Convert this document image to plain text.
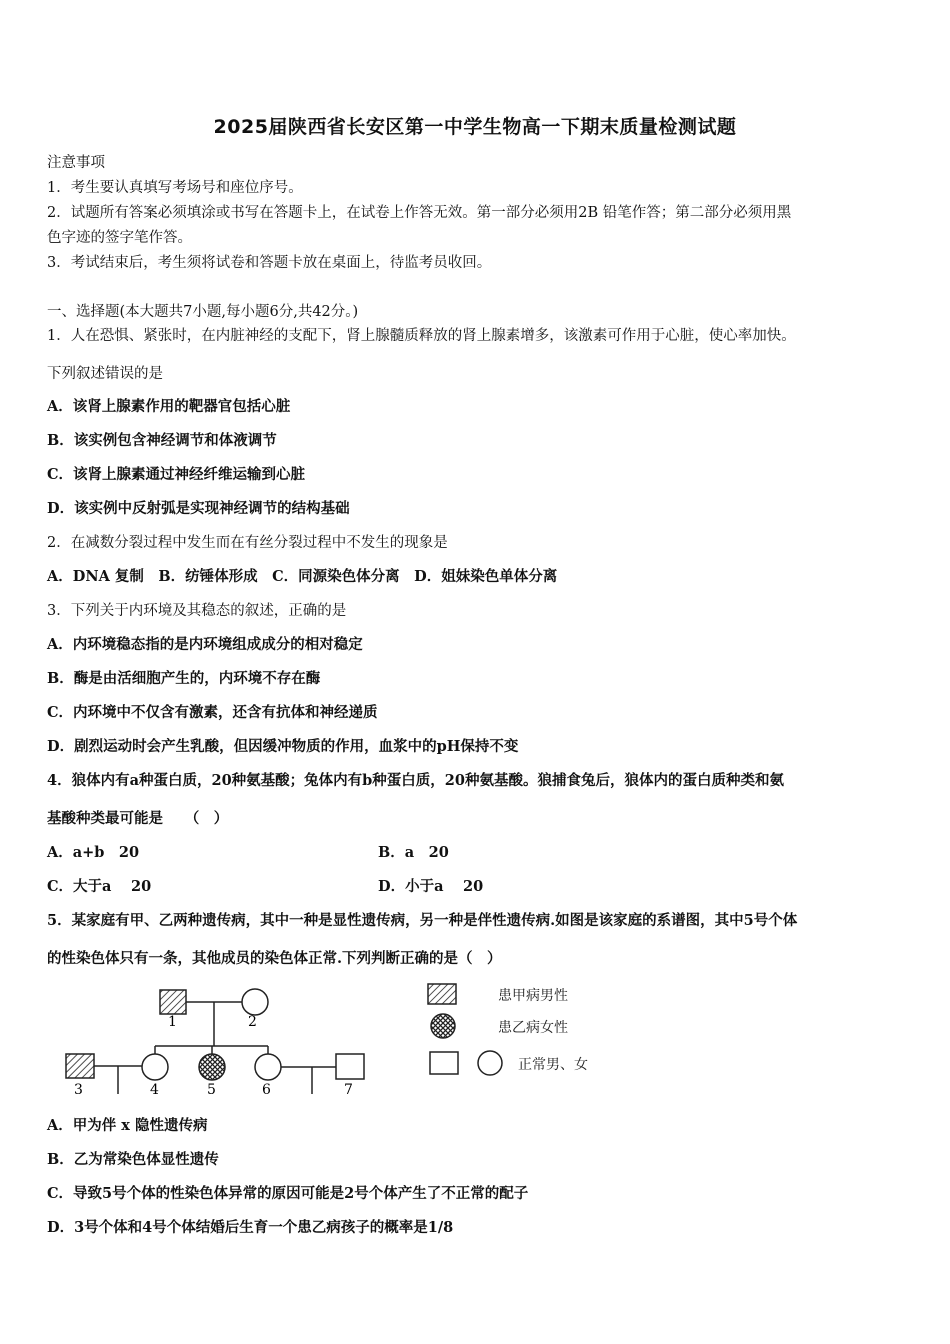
2025届陕西省长安区第一中学生物高一下期末质量检测试题
注意事项
1．考生要认真填写考场号和座位序号。
2．试题所有答案必须填涂或书写在答题卡上，在试卷上作答无效。第一部分必须用2B 铅笔作答；第二部分必须用黑
色字迹的签字笔作答。
3．考试结束后，考生须将试卷和答题卡放在桌面上，待监考员收回。
一、选择题(本大题共7小题,每小题6分,共42分。)
1．人在恐惧、紧张时，在内脏神经的支配下，肾上腺髓质释放的肾上腺素增多，该激素可作用于心脏，使心率加快。
下列叙述错误的是
A．该肾上腺素作用的靶器官包括心脏
B．该实例包含神经调节和体液调节
C．该肾上腺素通过神经纤维运输到心脏
D．该实例中反射弧是实现神经调节的结构基础
2．在减数分裂过程中发生而在有丝分裂过程中不发生的现象是
A．DNA 复制　B．纺锤体形成　C．同源染色体分离　D．姐妹染色单体分离
3．下列关于内环境及其稳态的叙述，正确的是
A．内环境稳态指的是内环境组成成分的相对稳定
B．酶是由活细胞产生的，内环境不存在酶
C．内环境中不仅含有激素，还含有抗体和神经递质
D．剧烈运动时会产生乳酸，但因缓冲物质的作用，血浆中的pH保持不变
4．狼体内有a种蛋白质，20种氨基酸；兔体内有b种蛋白质，20种氨基酸。狼捕食兔后，狼体内的蛋白质种类和氨
基酸种类最可能是　　（　）
A．a+b　20	B．a　20
C．大于a　 20	D．小于a　 20
5．某家庭有甲、乙两种遗传病，其中一种是显性遗传病，另一种是伴性遗传病.如图是该家庭的系谱图，其中5号个体
的性染色体只有一条，其他成员的染色体正常.下列判断正确的是（　）
1	2
3	4	5	6	7
患甲病男性
患乙病女性
正常男、女
A．甲为伴 x 隐性遗传病
B．乙为常染色体显性遗传
C．导致5号个体的性染色体异常的原因可能是2号个体产生了不正常的配子
D．3号个体和4号个体结婚后生育一个患乙病孩子的概率是1/8
